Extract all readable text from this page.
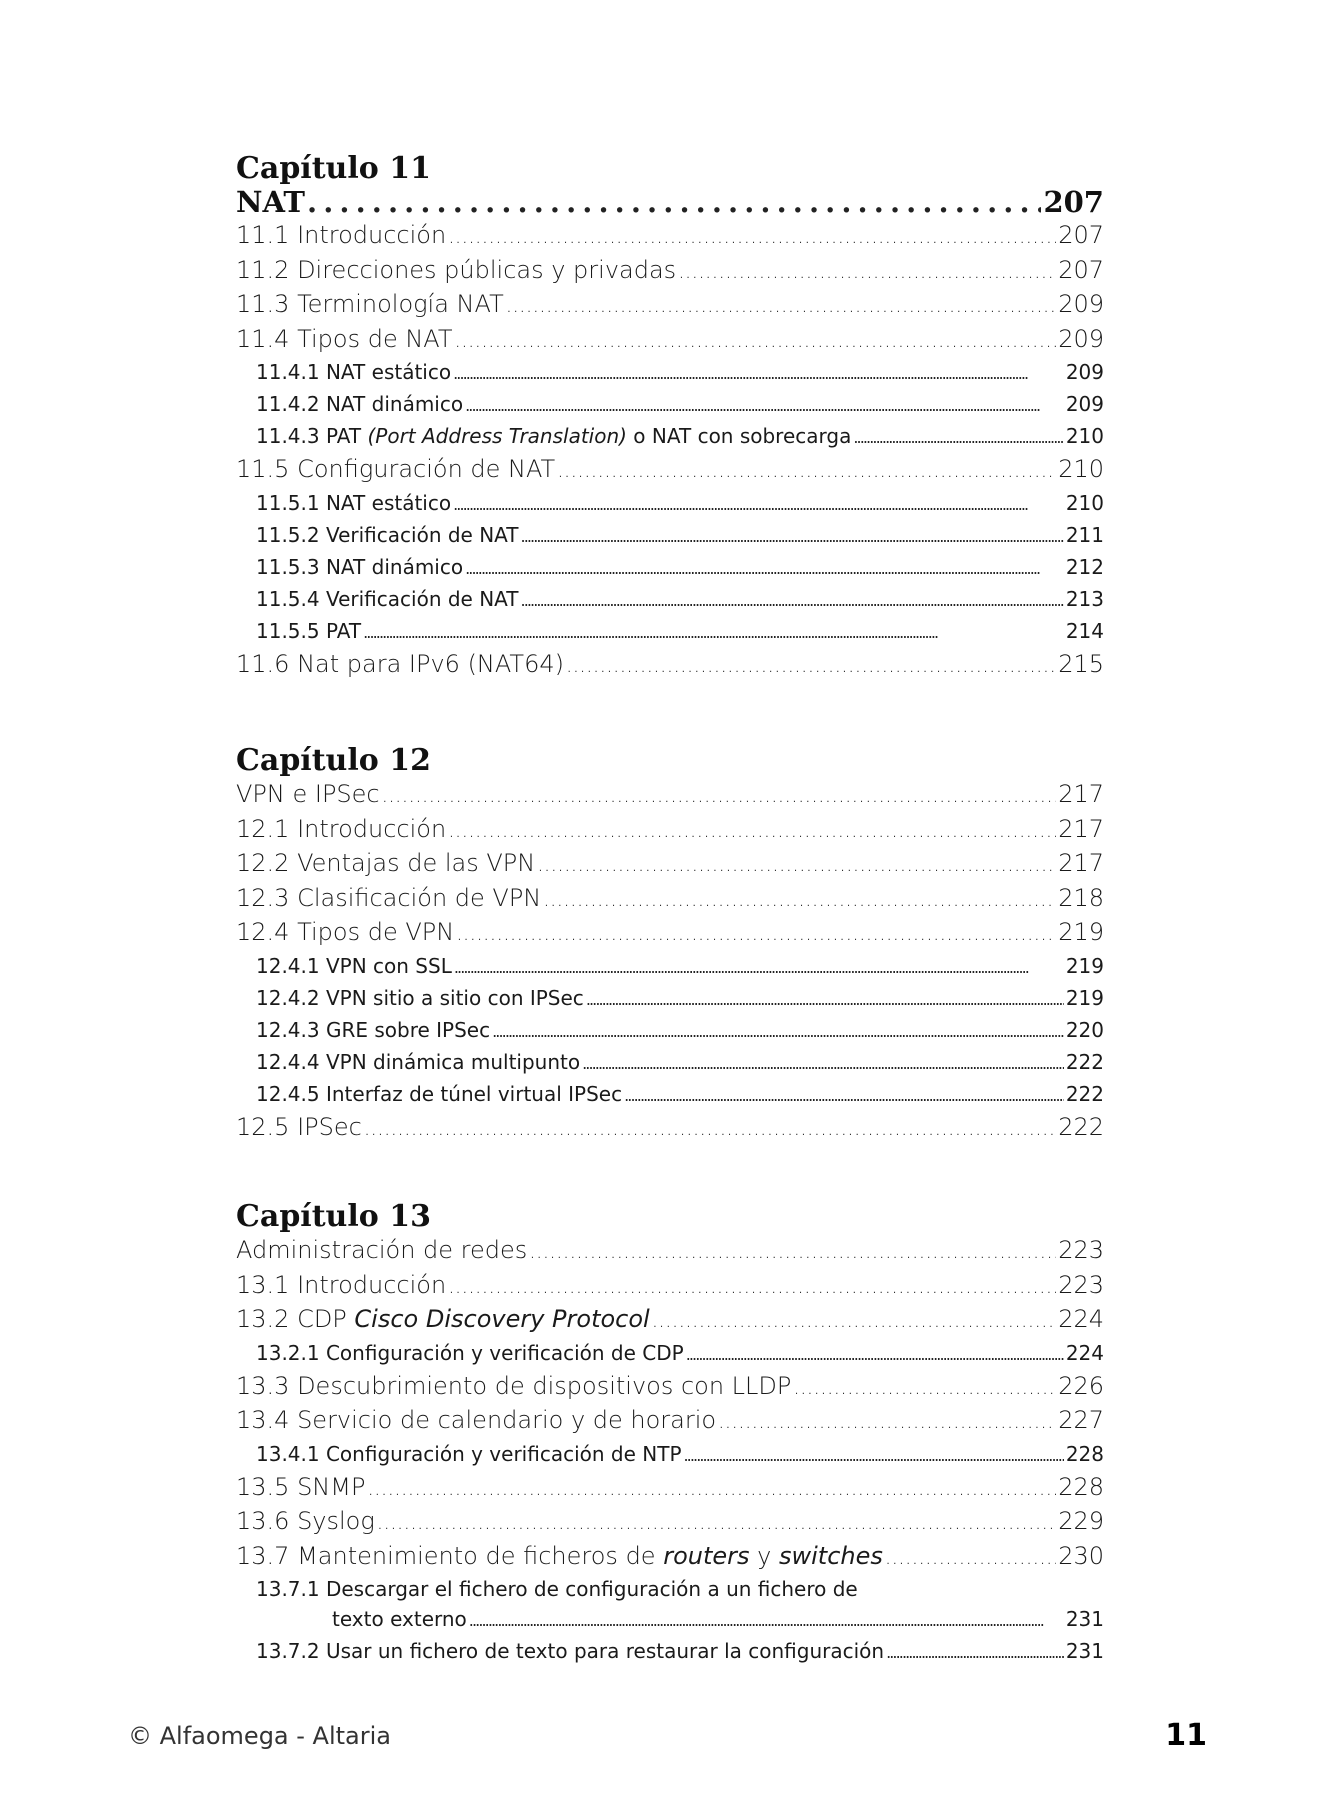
Capítulo 11
NAT . . .	207
11.1 Introducción . . .	207
11.2 Direcciones públicas y privadas . . .	207
11.3 Terminología NAT . . .	209
11.4 Tipos de NAT . . .	209
11.4.1 NAT estático . . .	209
11.4.2 NAT dinámico . . .	209
11.4.3 PAT (Port Address Translation) o NAT con sobrecarga . . .	210
11.5 Configuración de NAT . . .	210
11.5.1 NAT estático . . .	210
11.5.2 Verificación de NAT . . .	211
11.5.3 NAT dinámico . . .	212
11.5.4 Verificación de NAT . . .	213
11.5.5 PAT . . .	214
11.6 Nat para IPv6 (NAT64) . . .	215
Capítulo 12
VPN e IPSec . . .	217
12.1 Introducción . . .	217
12.2 Ventajas de las VPN . . .	217
12.3 Clasificación de VPN . . .	218
12.4 Tipos de VPN . . .	219
12.4.1 VPN con SSL . . .	219
12.4.2 VPN sitio a sitio con IPSec . . .	219
12.4.3 GRE sobre IPSec . . .	220
12.4.4 VPN dinámica multipunto . . .	222
12.4.5 Interfaz de túnel virtual IPSec . . .	222
12.5 IPSec . . .	222
Capítulo 13
Administración de redes . . .	223
13.1 Introducción . . .	223
13.2 CDP Cisco Discovery Protocol . . .	224
13.2.1 Configuración y verificación de CDP . . .	224
13.3 Descubrimiento de dispositivos con LLDP . . .	226
13.4 Servicio de calendario y de horario . . .	227
13.4.1 Configuración y verificación de NTP . . .	228
13.5 SNMP . . .	228
13.6 Syslog . . .	229
13.7 Mantenimiento de ficheros de routers y switches . . .	230
13.7.1 Descargar el fichero de configuración a un fichero de
texto externo . . .	231
13.7.2 Usar un fichero de texto para restaurar la configuración . . .	231
© Alfaomega - Altaria	11
